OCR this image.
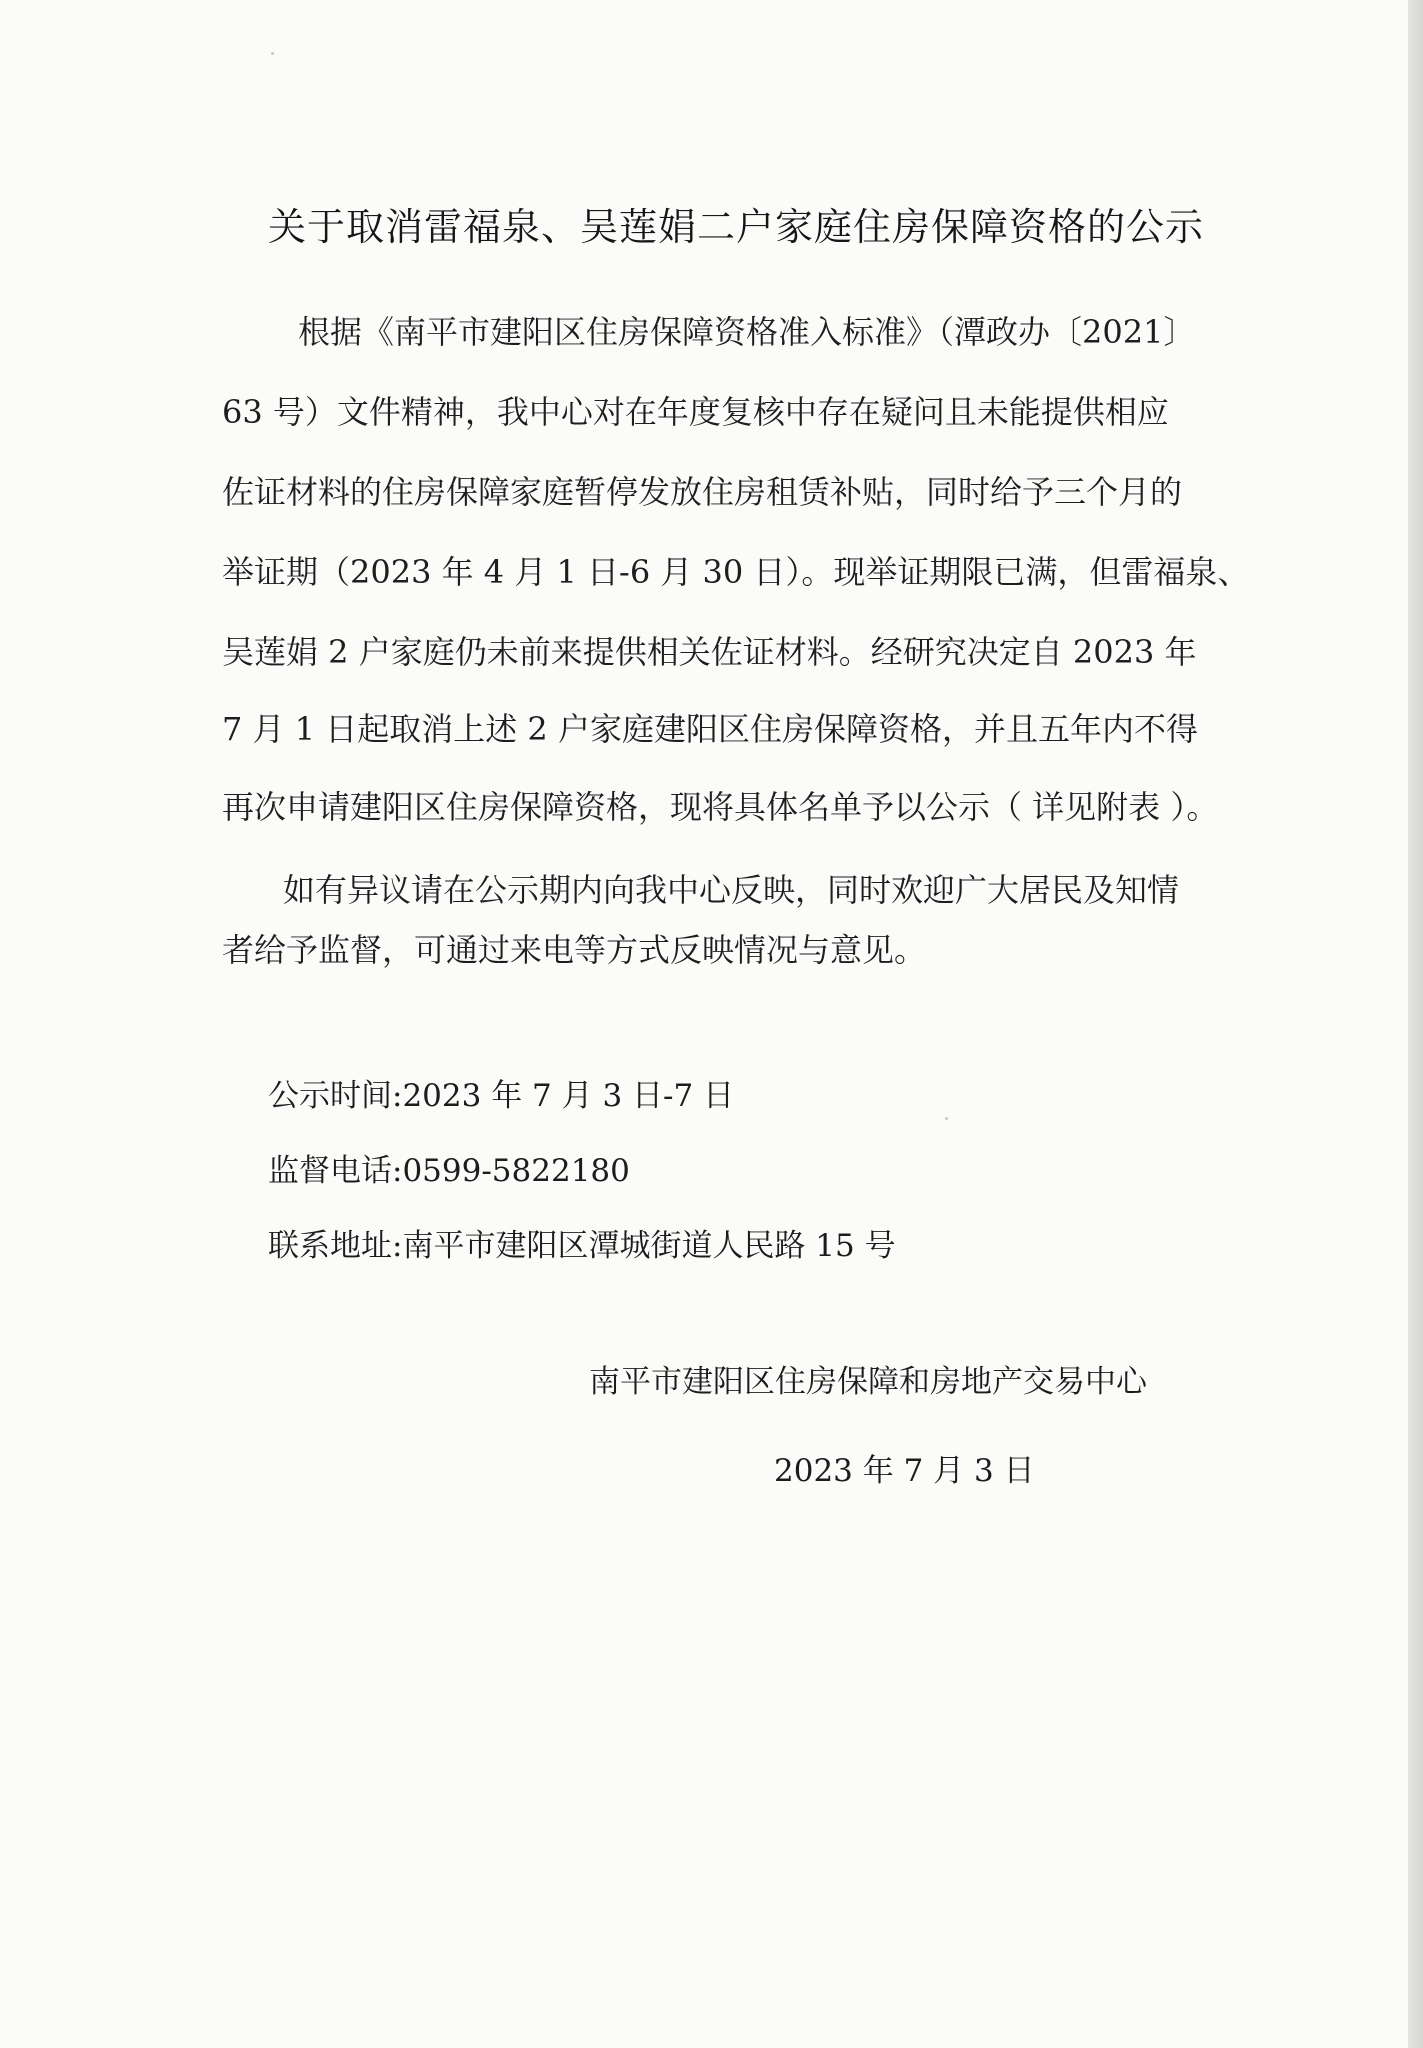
关于取消雷福泉、吴莲娟二户家庭住房保障资格的公示
根据《南平市建阳区住房保障资格准入标准》（潭政办〔2021〕
63 号）文件精神，我中心对在年度复核中存在疑问且未能提供相应
佐证材料的住房保障家庭暂停发放住房租赁补贴，同时给予三个月的
举证期（2023 年 4 月 1 日-6 月 30 日）。现举证期限已满，但雷福泉、
吴莲娟 2 户家庭仍未前来提供相关佐证材料。经研究决定自 2023 年
7 月 1 日起取消上述 2 户家庭建阳区住房保障资格，并且五年内不得
再次申请建阳区住房保障资格，现将具体名单予以公示（ 详见附表 ）。
如有异议请在公示期内向我中心反映，同时欢迎广大居民及知情
者给予监督，可通过来电等方式反映情况与意见。
公示时间:2023 年 7 月 3 日-7 日
监督电话:0599-5822180
联系地址:南平市建阳区潭城街道人民路 15 号
南平市建阳区住房保障和房地产交易中心
2023 年 7 月 3 日
